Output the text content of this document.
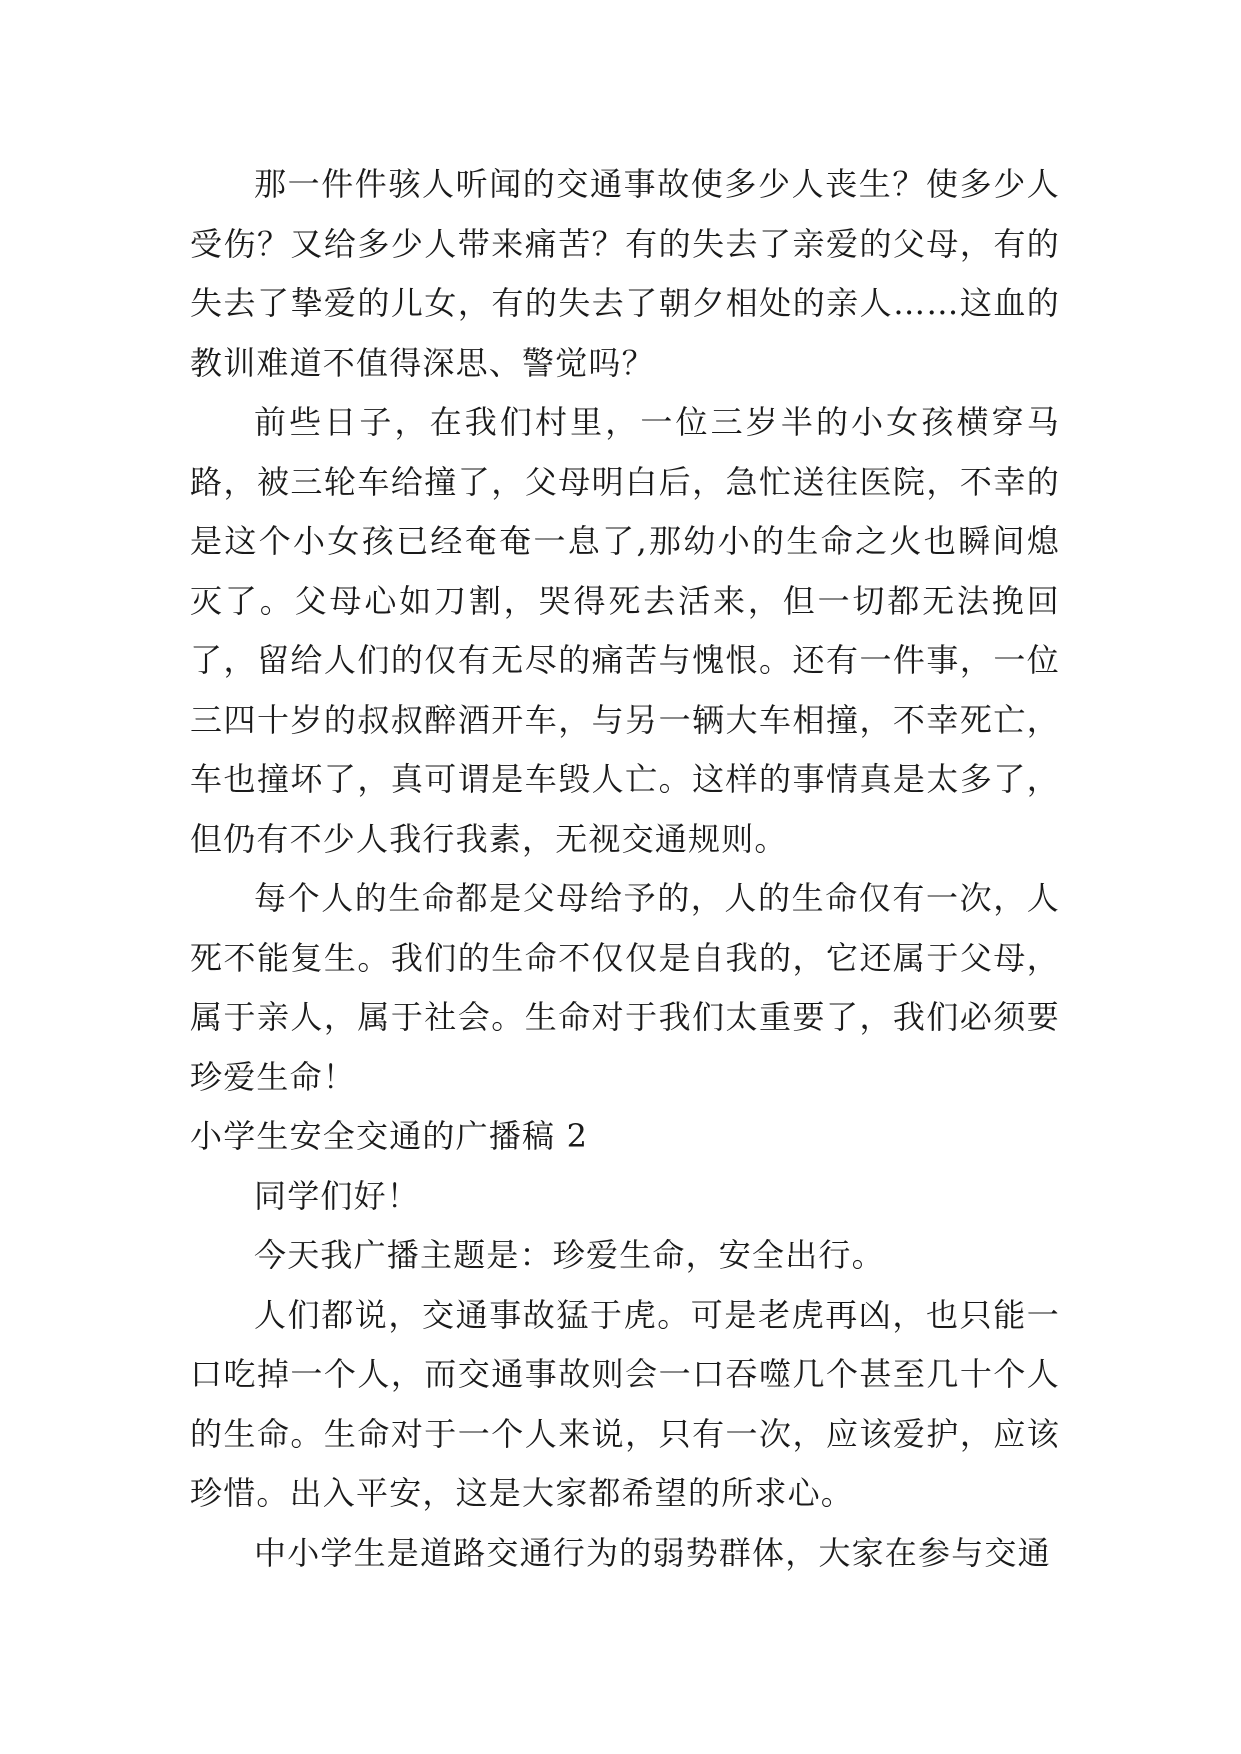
那一件件骇人听闻的交通事故使多少人丧生？使多少人受伤？又给多少人带来痛苦？有的失去了亲爱的父母，有的失去了挚爱的儿女，有的失去了朝夕相处的亲人……这血的教训难道不值得深思、警觉吗？

前些日子，在我们村里，一位三岁半的小女孩横穿马路，被三轮车给撞了，父母明白后，急忙送往医院，不幸的是这个小女孩已经奄奄一息了,那幼小的生命之火也瞬间熄灭了。父母心如刀割，哭得死去活来，但一切都无法挽回了，留给人们的仅有无尽的痛苦与愧恨。还有一件事，一位三四十岁的叔叔醉酒开车，与另一辆大车相撞，不幸死亡，车也撞坏了，真可谓是车毁人亡。这样的事情真是太多了，但仍有不少人我行我素，无视交通规则。

每个人的生命都是父母给予的，人的生命仅有一次，人死不能复生。我们的生命不仅仅是自我的，它还属于父母，属于亲人，属于社会。生命对于我们太重要了，我们必须要珍爱生命！

小学生安全交通的广播稿 2

同学们好！

今天我广播主题是：珍爱生命，安全出行。

人们都说，交通事故猛于虎。可是老虎再凶，也只能一口吃掉一个人，而交通事故则会一口吞噬几个甚至几十个人的生命。生命对于一个人来说，只有一次，应该爱护，应该珍惜。出入平安，这是大家都希望的所求心。

中小学生是道路交通行为的弱势群体，大家在参与交通
